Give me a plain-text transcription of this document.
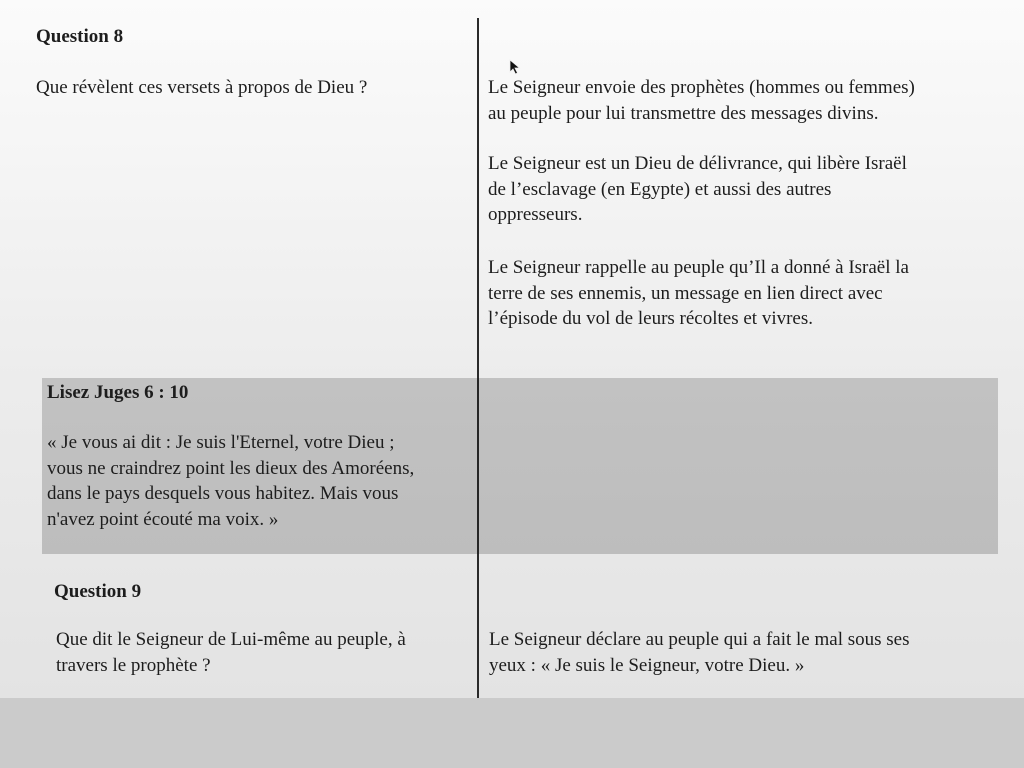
Question 8
Que révèlent ces versets à propos de Dieu ?	Le Seigneur envoie des prophètes (hommes ou femmes)
au peuple pour lui transmettre des messages divins.
Le Seigneur est un Dieu de délivrance, qui libère Israël
de l’esclavage (en Egypte) et aussi des autres
oppresseurs.
Le Seigneur rappelle au peuple qu’Il a donné à Israël la
terre de ses ennemis, un message en lien direct avec
l’épisode du vol de leurs récoltes et vivres.
Lisez Juges 6 : 10
« Je vous ai dit : Je suis l'Eternel, votre Dieu ;
vous ne craindrez point les dieux des Amoréens,
dans le pays desquels vous habitez. Mais vous
n'avez point écouté ma voix. »
Question 9
Que dit le Seigneur de Lui-même au peuple, à
travers le prophète ?
Le Seigneur déclare au peuple qui a fait le mal sous ses
yeux : « Je suis le Seigneur, votre Dieu. »
